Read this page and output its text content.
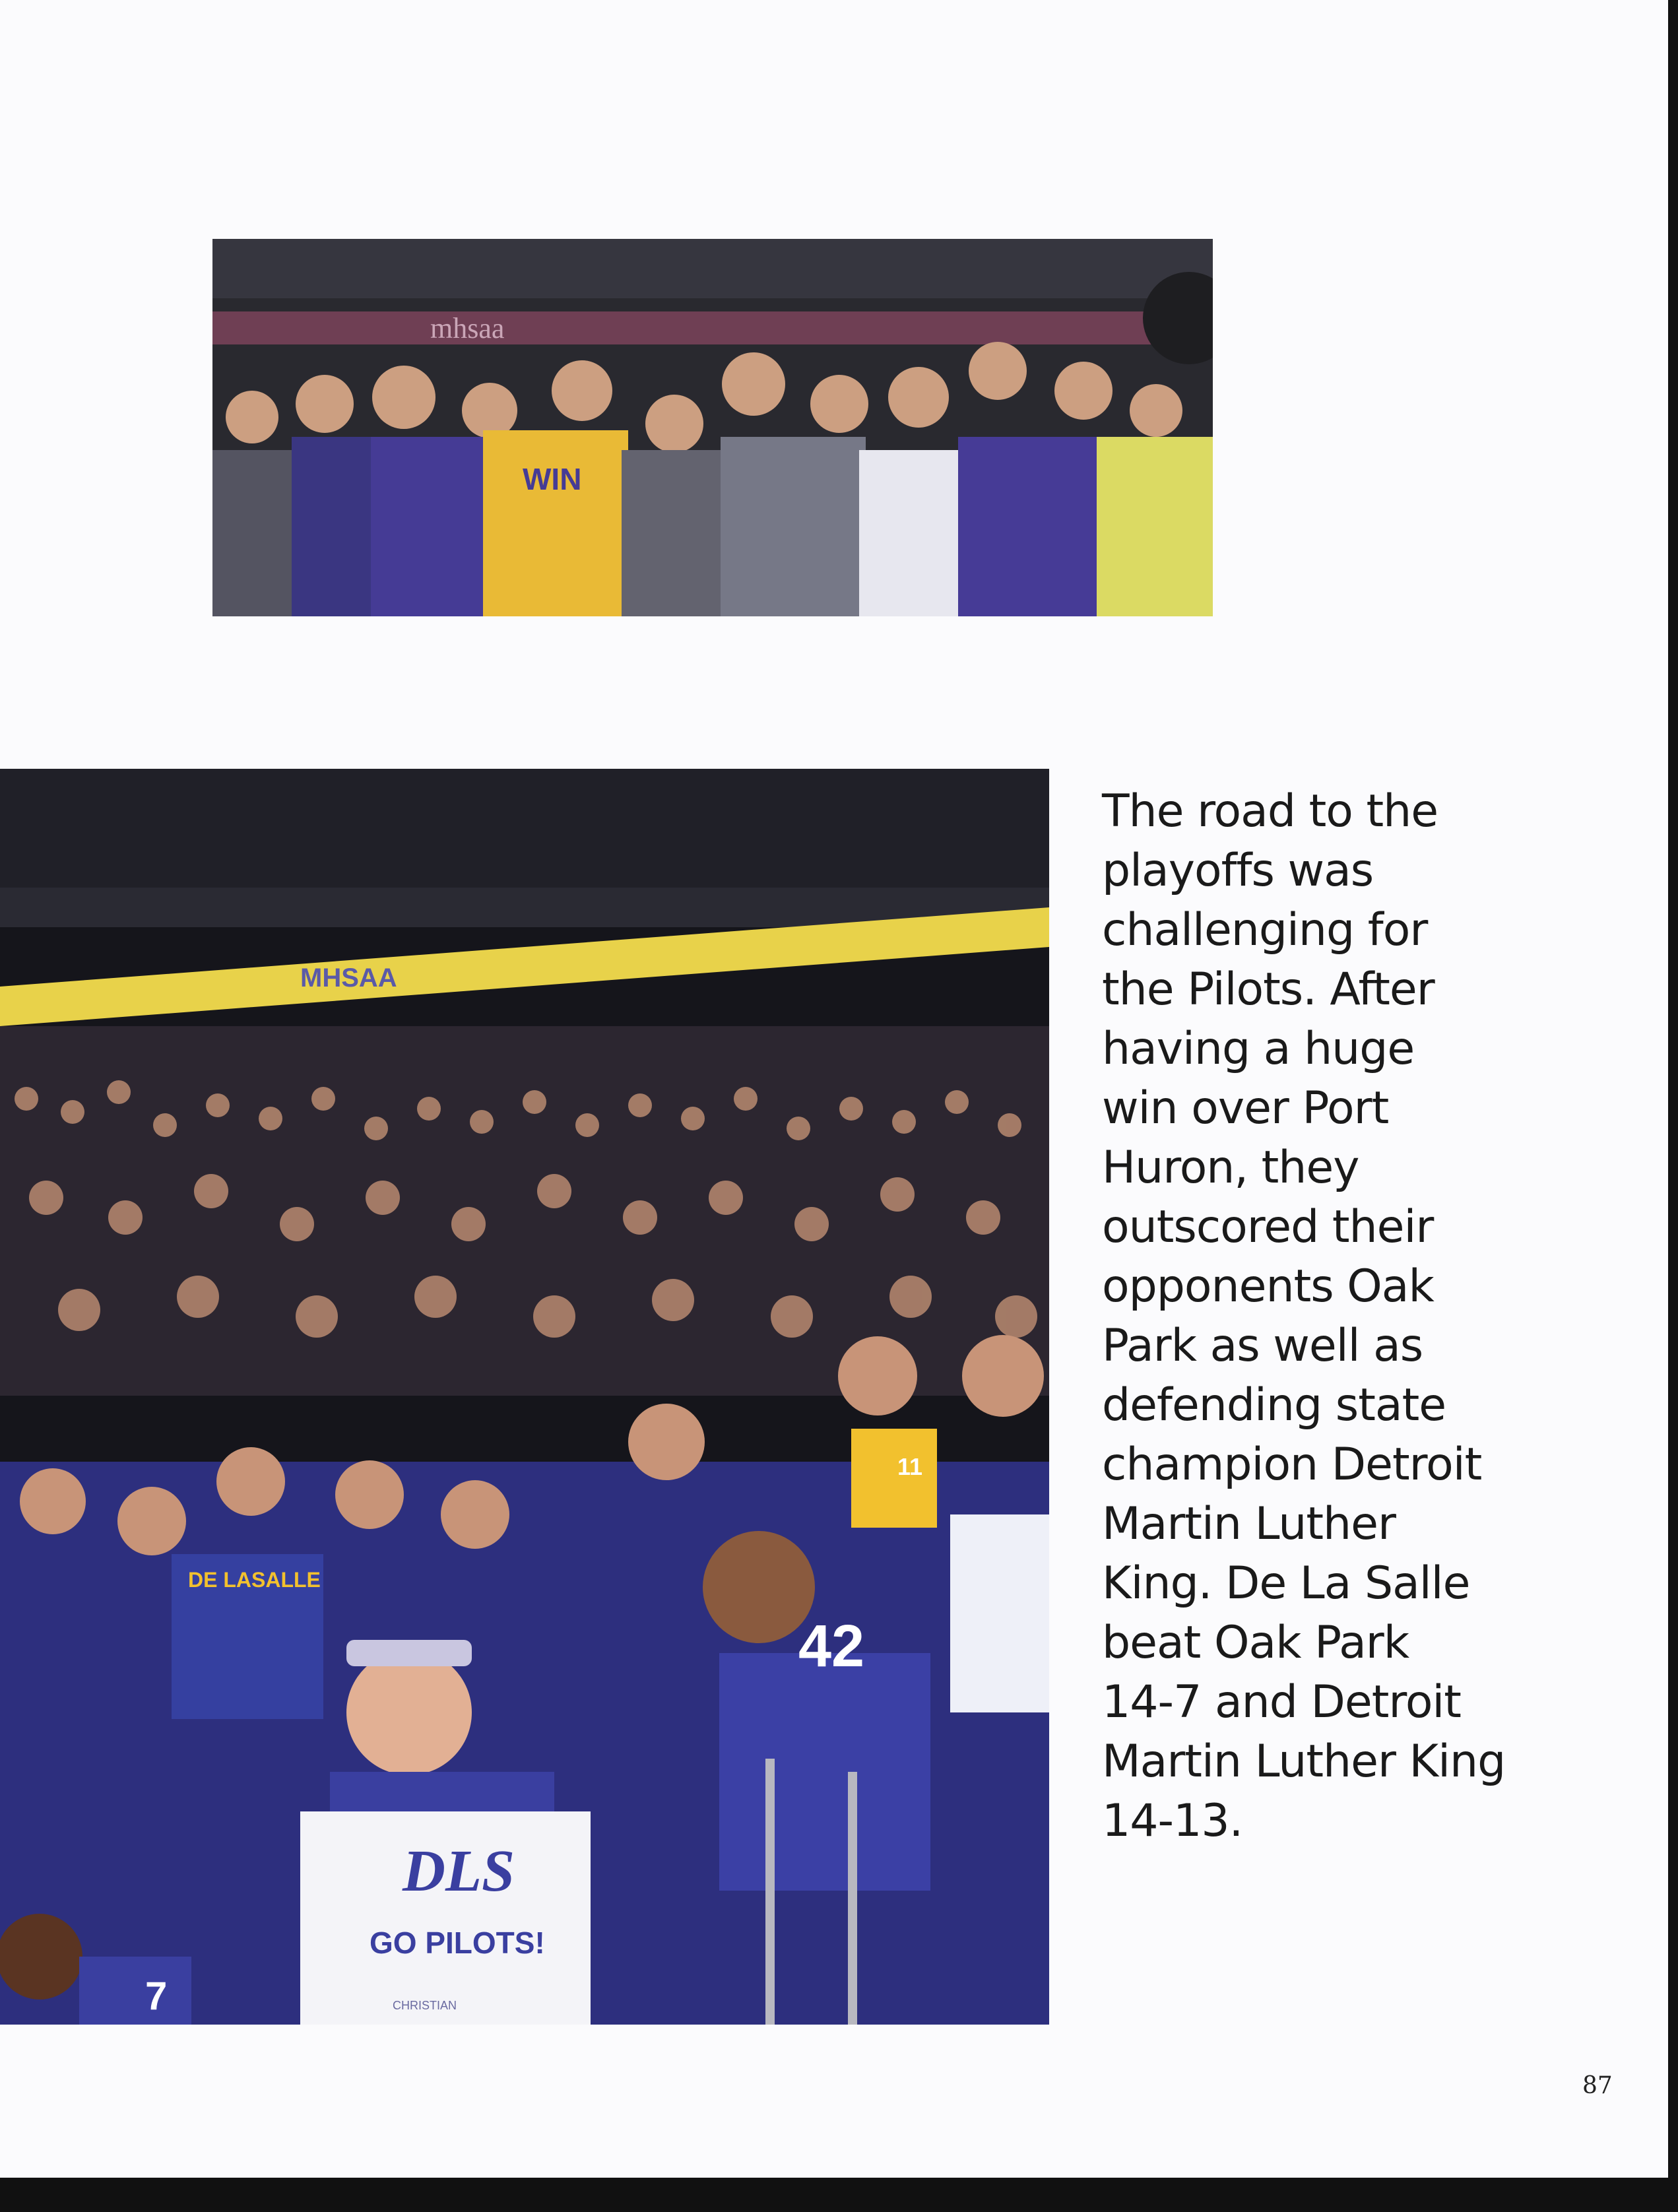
mhsaa
WIN
MHSAA
42
DE LASALLE
11
7
DLS
GO PILOTS!
CHRISTIAN
The road to the
playoffs was
challenging for
the Pilots. After
having a huge
win over Port
Huron, they
outscored their
opponents Oak
Park as well as
defending state
champion Detroit
Martin Luther
King. De La Salle
beat Oak Park
14-7 and Detroit
Martin Luther King
14-13.
87
